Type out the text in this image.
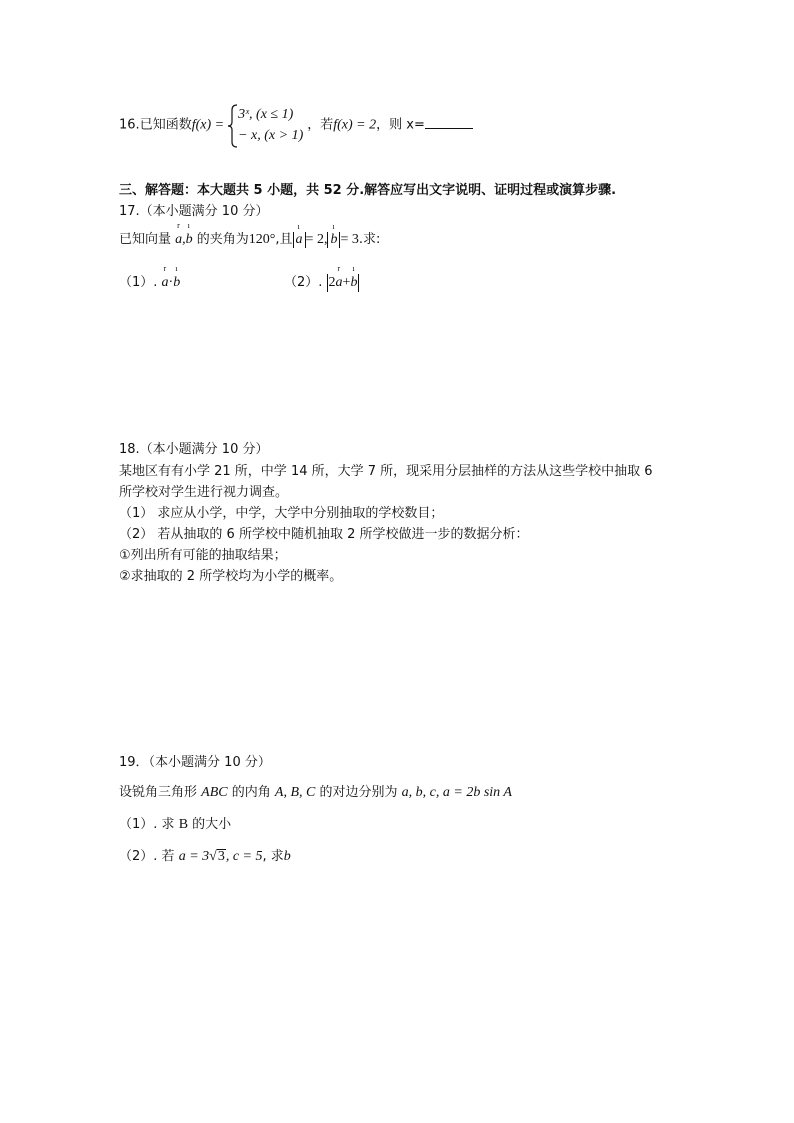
16.已知函数f(x) =
3ˣ, (x ≤ 1)
− x, (x > 1)
，若f(x) = 2，则 x=
三、解答题：本大题共 5 小题，共 52 分.解答应写出文字说明、证明过程或演算步骤.
17.（本小题满分 10 分）
已知向量
r
a,
ı
b 的夹角为120°,且
ı
a = 2,
ı
b = 3.求:
（1）.
r
a·
ı
b	（2）. 2
r
a+
ı
b
18.（本小题满分 10 分）
某地区有有小学 21 所，中学 14 所，大学 7 所，现采用分层抽样的方法从这些学校中抽取 6
所学校对学生进行视力调查。
（1） 求应从小学，中学，大学中分别抽取的学校数目；
（2） 若从抽取的 6 所学校中随机抽取 2 所学校做进一步的数据分析：
①列出所有可能的抽取结果；
②求抽取的 2 所学校均为小学的概率。
19．（本小题满分 10 分）
设锐角三角形 ABC 的内角 A, B, C 的对边分别为 a, b, c, a = 2b sin A
（1）. 求 B 的大小
（2）. 若 a = 3√3, c = 5, 求b
